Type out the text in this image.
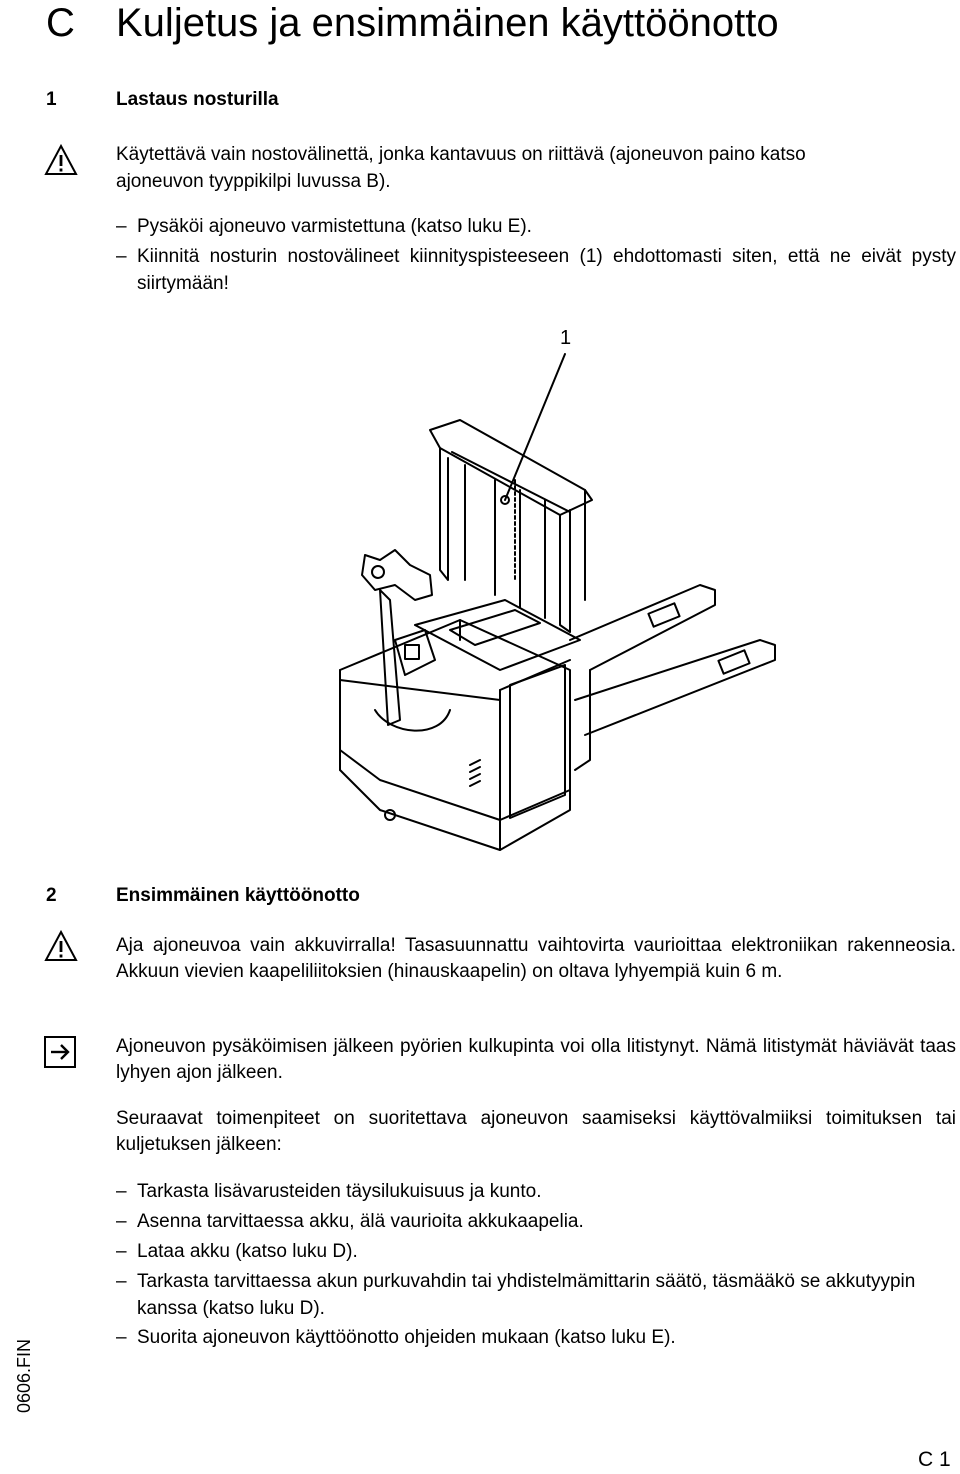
C Kuljetus ja ensimmäinen käyttöönotto
1	Lastaus nosturilla
Käytettävä vain nostovälinettä, jonka kantavuus on riittävä (ajoneuvon paino katso
ajoneuvon tyyppikilpi luvussa B).
– Pysäköi ajoneuvo varmistettuna (katso luku E).
– Kiinnitä nosturin nostovälineet kiinnityspisteeseen (1) ehdottomasti siten, että ne eivät pysty siirtymään!
1
2	Ensimmäinen käyttöönotto
Aja ajoneuvoa vain akkuvirralla! Tasasuunnattu vaihtovirta vaurioittaa elektroniikan rakenneosia. Akkuun vievien kaapeliliitoksien (hinauskaapelin) on oltava lyhyempiä kuin 6 m.
Ajoneuvon pysäköimisen jälkeen pyörien kulkupinta voi olla litistynyt. Nämä litistymät häviävät taas lyhyen ajon jälkeen.
Seuraavat toimenpiteet on suoritettava ajoneuvon saamiseksi käyttövalmiiksi toimituksen tai kuljetuksen jälkeen:
– Tarkasta lisävarusteiden täysilukuisuus ja kunto.
– Asenna tarvittaessa akku, älä vaurioita akkukaapelia.
– Lataa akku (katso luku D).
– Tarkasta tarvittaessa akun purkuvahdin tai yhdistelmämittarin säätö, täsmääkö se akkutyypin kanssa (katso luku D).
– Suorita ajoneuvon käyttöönotto ohjeiden mukaan (katso luku E).
0606.FIN
C 1
